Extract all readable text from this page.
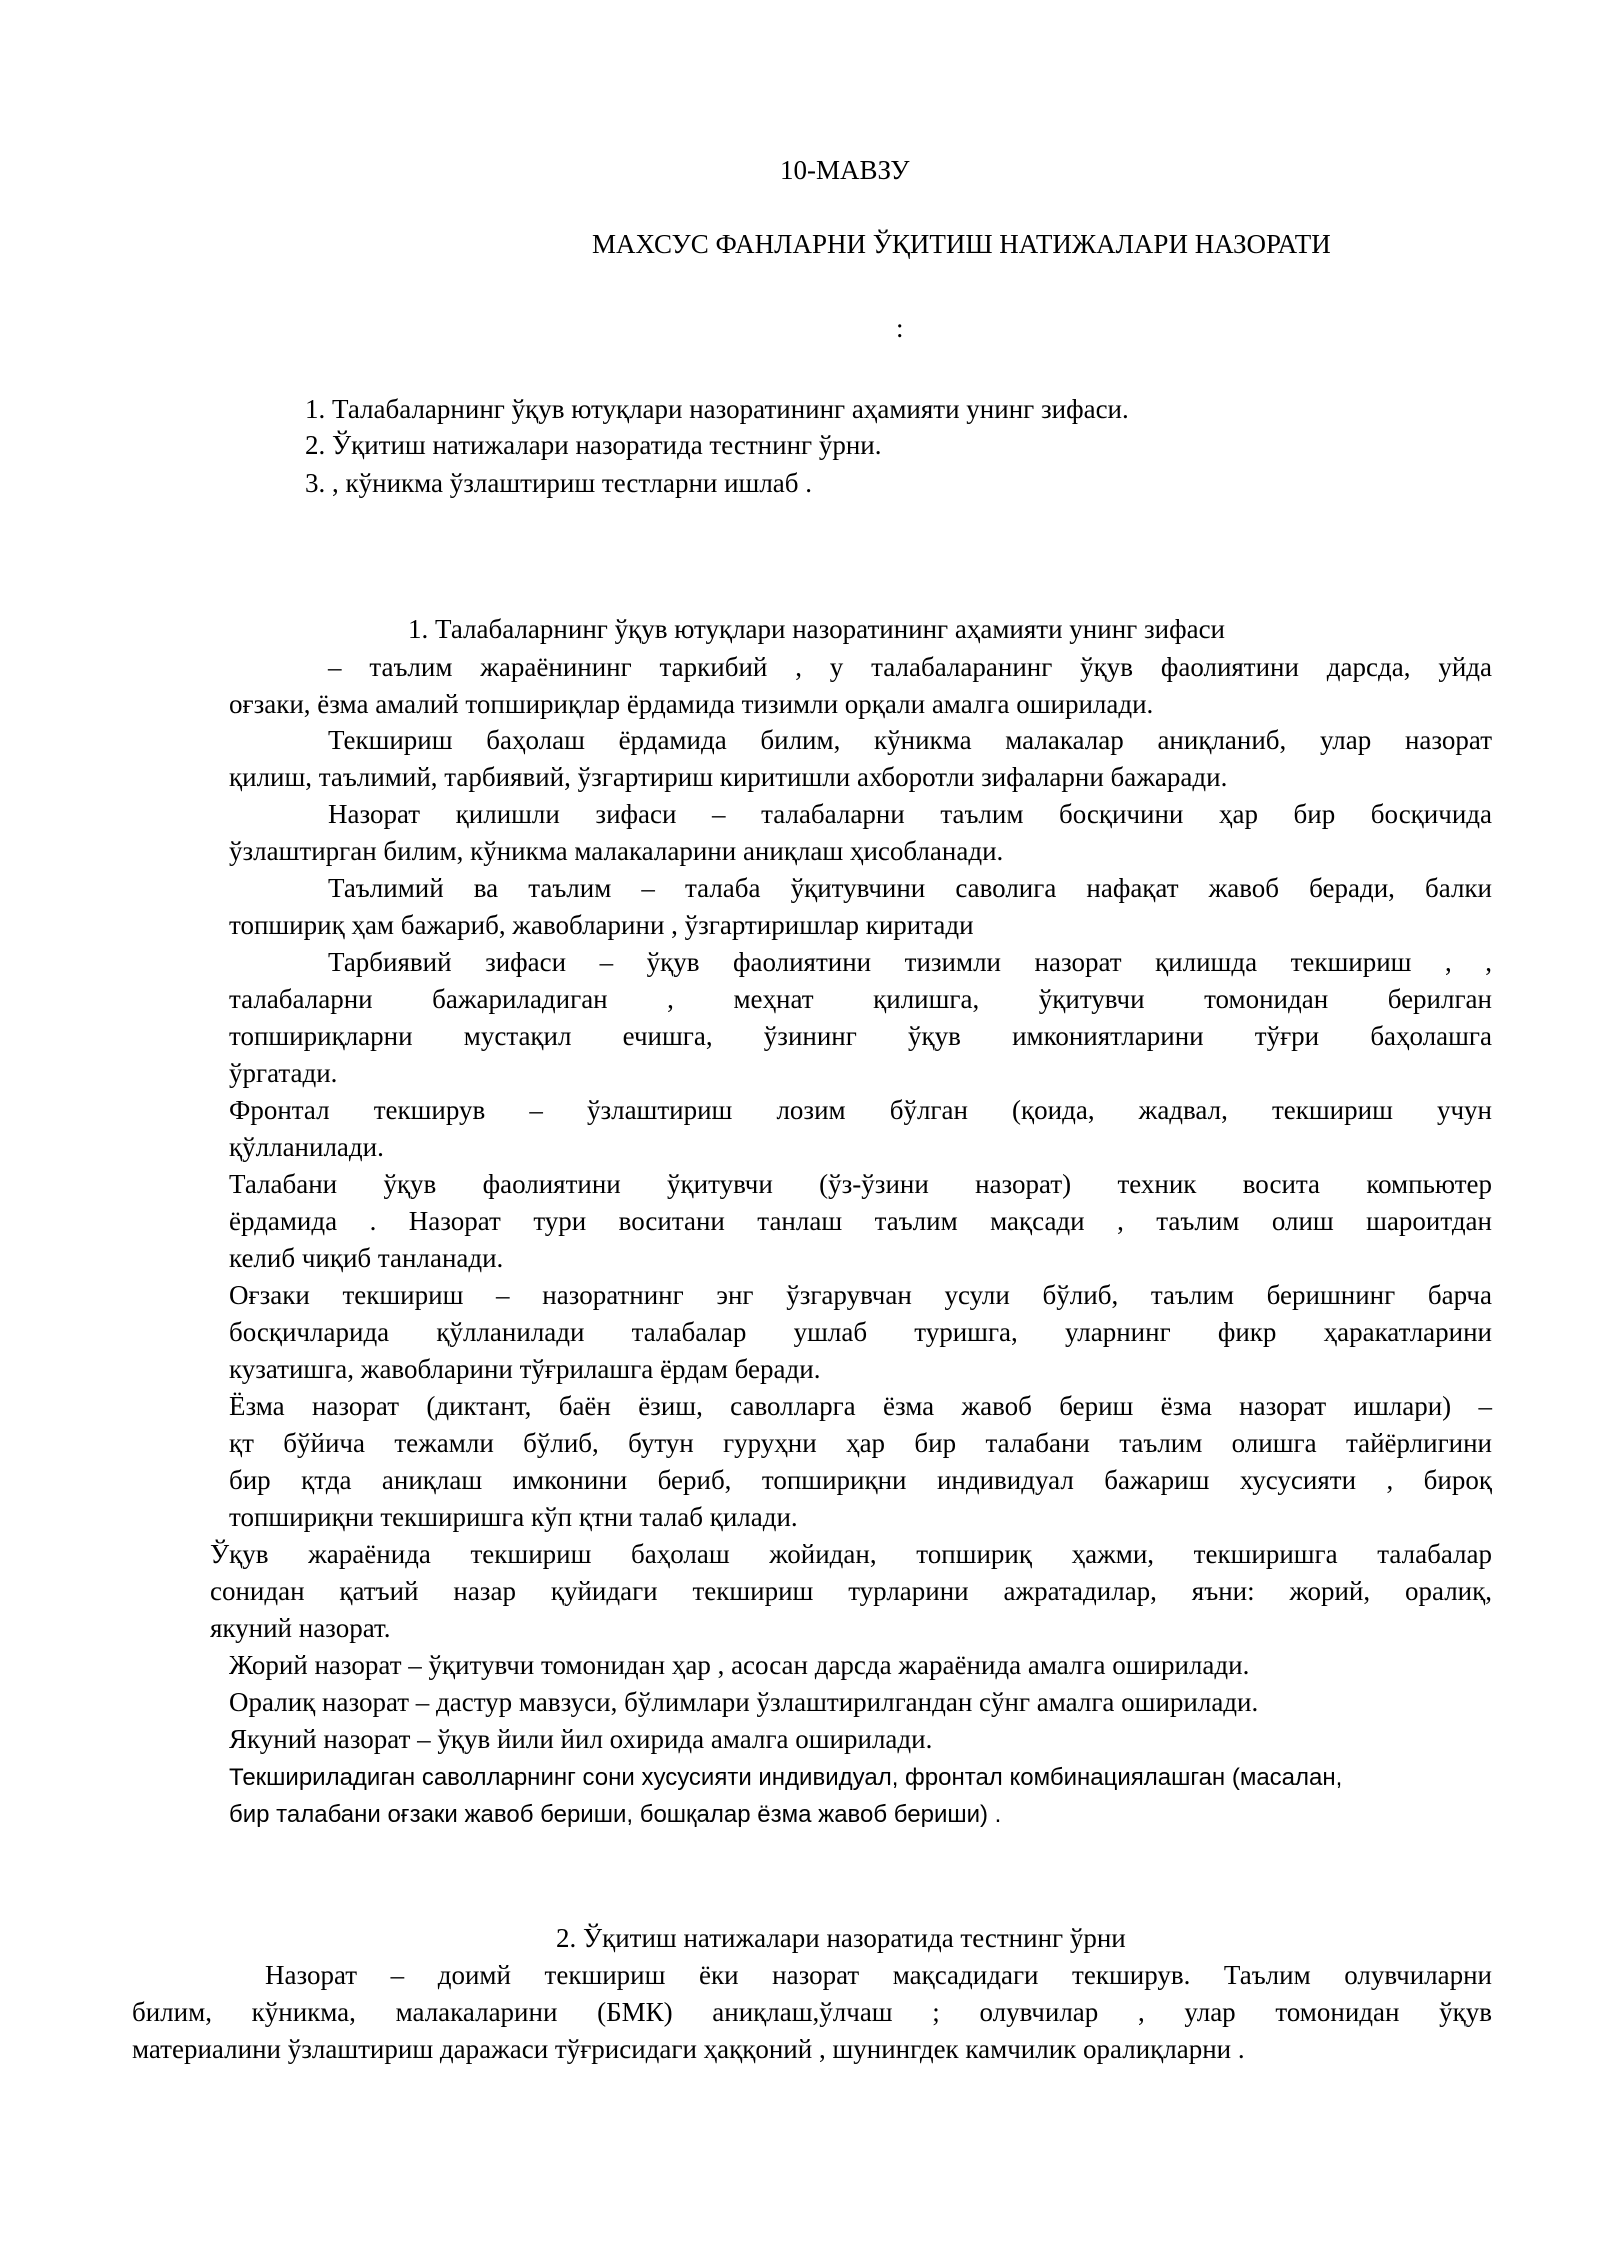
10-МАВЗУ
МАХСУС ФАНЛАРНИ ЎҚИТИШ НАТИЖАЛАРИ НАЗОРАТИ
:
1. Талабаларнинг ўқув ютуқлари назоратининг аҳамияти унинг зифаси.
2. Ўқитиш натижалари назоратида тестнинг ўрни.
3. , кўникма ўзлаштириш тестларни ишлаб .
1. Талабаларнинг ўқув ютуқлари назоратининг аҳамияти унинг зифаси
– таълим жараёнининг таркибий , у талабаларанинг ўқув фаолиятини дарсда, уйда
оғзаки, ёзма амалий топшириқлар ёрдамида тизимли орқали амалга оширилади.
Текшириш баҳолаш ёрдамида билим, кўникма малакалар аниқланиб, улар назорат
қилиш, таълимий, тарбиявий, ўзгартириш киритишли ахборотли зифаларни бажаради.
Назорат қилишли зифаси – талабаларни таълим босқичини ҳар бир босқичида
ўзлаштирган билим, кўникма малакаларини аниқлаш ҳисобланади.
Таълимий ва таълим – талаба ўқитувчини саволига нафақат жавоб беради, балки
топшириқ ҳам бажариб, жавобларини , ўзгартиришлар киритади
Тарбиявий зифаси – ўқув фаолиятини тизимли назорат қилишда текшириш , ,
талабаларни бажариладиган , меҳнат қилишга, ўқитувчи томонидан берилган
топшириқларни мустақил ечишга, ўзининг ўқув имкониятларини тўғри баҳолашга
ўргатади.
Фронтал текширув – ўзлаштириш лозим бўлган (қоида, жадвал, текшириш учун
қўлланилади.
Талабани ўқув фаолиятини ўқитувчи (ўз-ўзини назорат) техник восита компьютер
ёрдамида . Назорат тури воситани танлаш таълим мақсади , таълим олиш шароитдан
келиб чиқиб танланади.
Оғзаки текшириш – назоратнинг энг ўзгарувчан усули бўлиб, таълим беришнинг барча
босқичларида қўлланилади талабалар ушлаб туришга, уларнинг фикр ҳаракатларини
кузатишга, жавобларини тўғрилашга ёрдам беради.
Ёзма назорат (диктант, баён ёзиш, саволларга ёзма жавоб бериш ёзма назорат ишлари) –
қт бўйича тежамли бўлиб, бутун гуруҳни ҳар бир талабани таълим олишга тайёрлигини
бир қтда аниқлаш имконини бериб, топшириқни индивидуал бажариш хусусияти , бироқ
топшириқни текширишга кўп қтни талаб қилади.
Ўқув жараёнида текшириш баҳолаш жойидан, топшириқ ҳажми, текширишга талабалар
сонидан қатъий назар қуйидаги текшириш турларини ажратадилар, яъни: жорий, оралиқ,
якуний назорат.
Жорий назорат – ўқитувчи томонидан ҳар , асосан дарсда жараёнида амалга оширилади.
Оралиқ назорат – дастур мавзуси, бўлимлари ўзлаштирилгандан сўнг амалга оширилади.
Якуний назорат – ўқув йили йил охирида амалга оширилади.
Текшириладиган саволларнинг сони хусусияти индивидуал, фронтал комбинациялашган (масалан,
бир талабани оғзаки жавоб бериши, бошқалар ёзма жавоб бериши) .
2. Ўқитиш натижалари назоратида тестнинг ўрни
Назорат – доимй текшириш ёки назорат мақсадидаги текширув. Таълим олувчиларни
билим, кўникма, малакаларини (БМК) аниқлаш,ўлчаш ; олувчилар , улар томонидан ўқув
материалини ўзлаштириш даражаси тўғрисидаги ҳаққоний , шунингдек камчилик оралиқларни .
